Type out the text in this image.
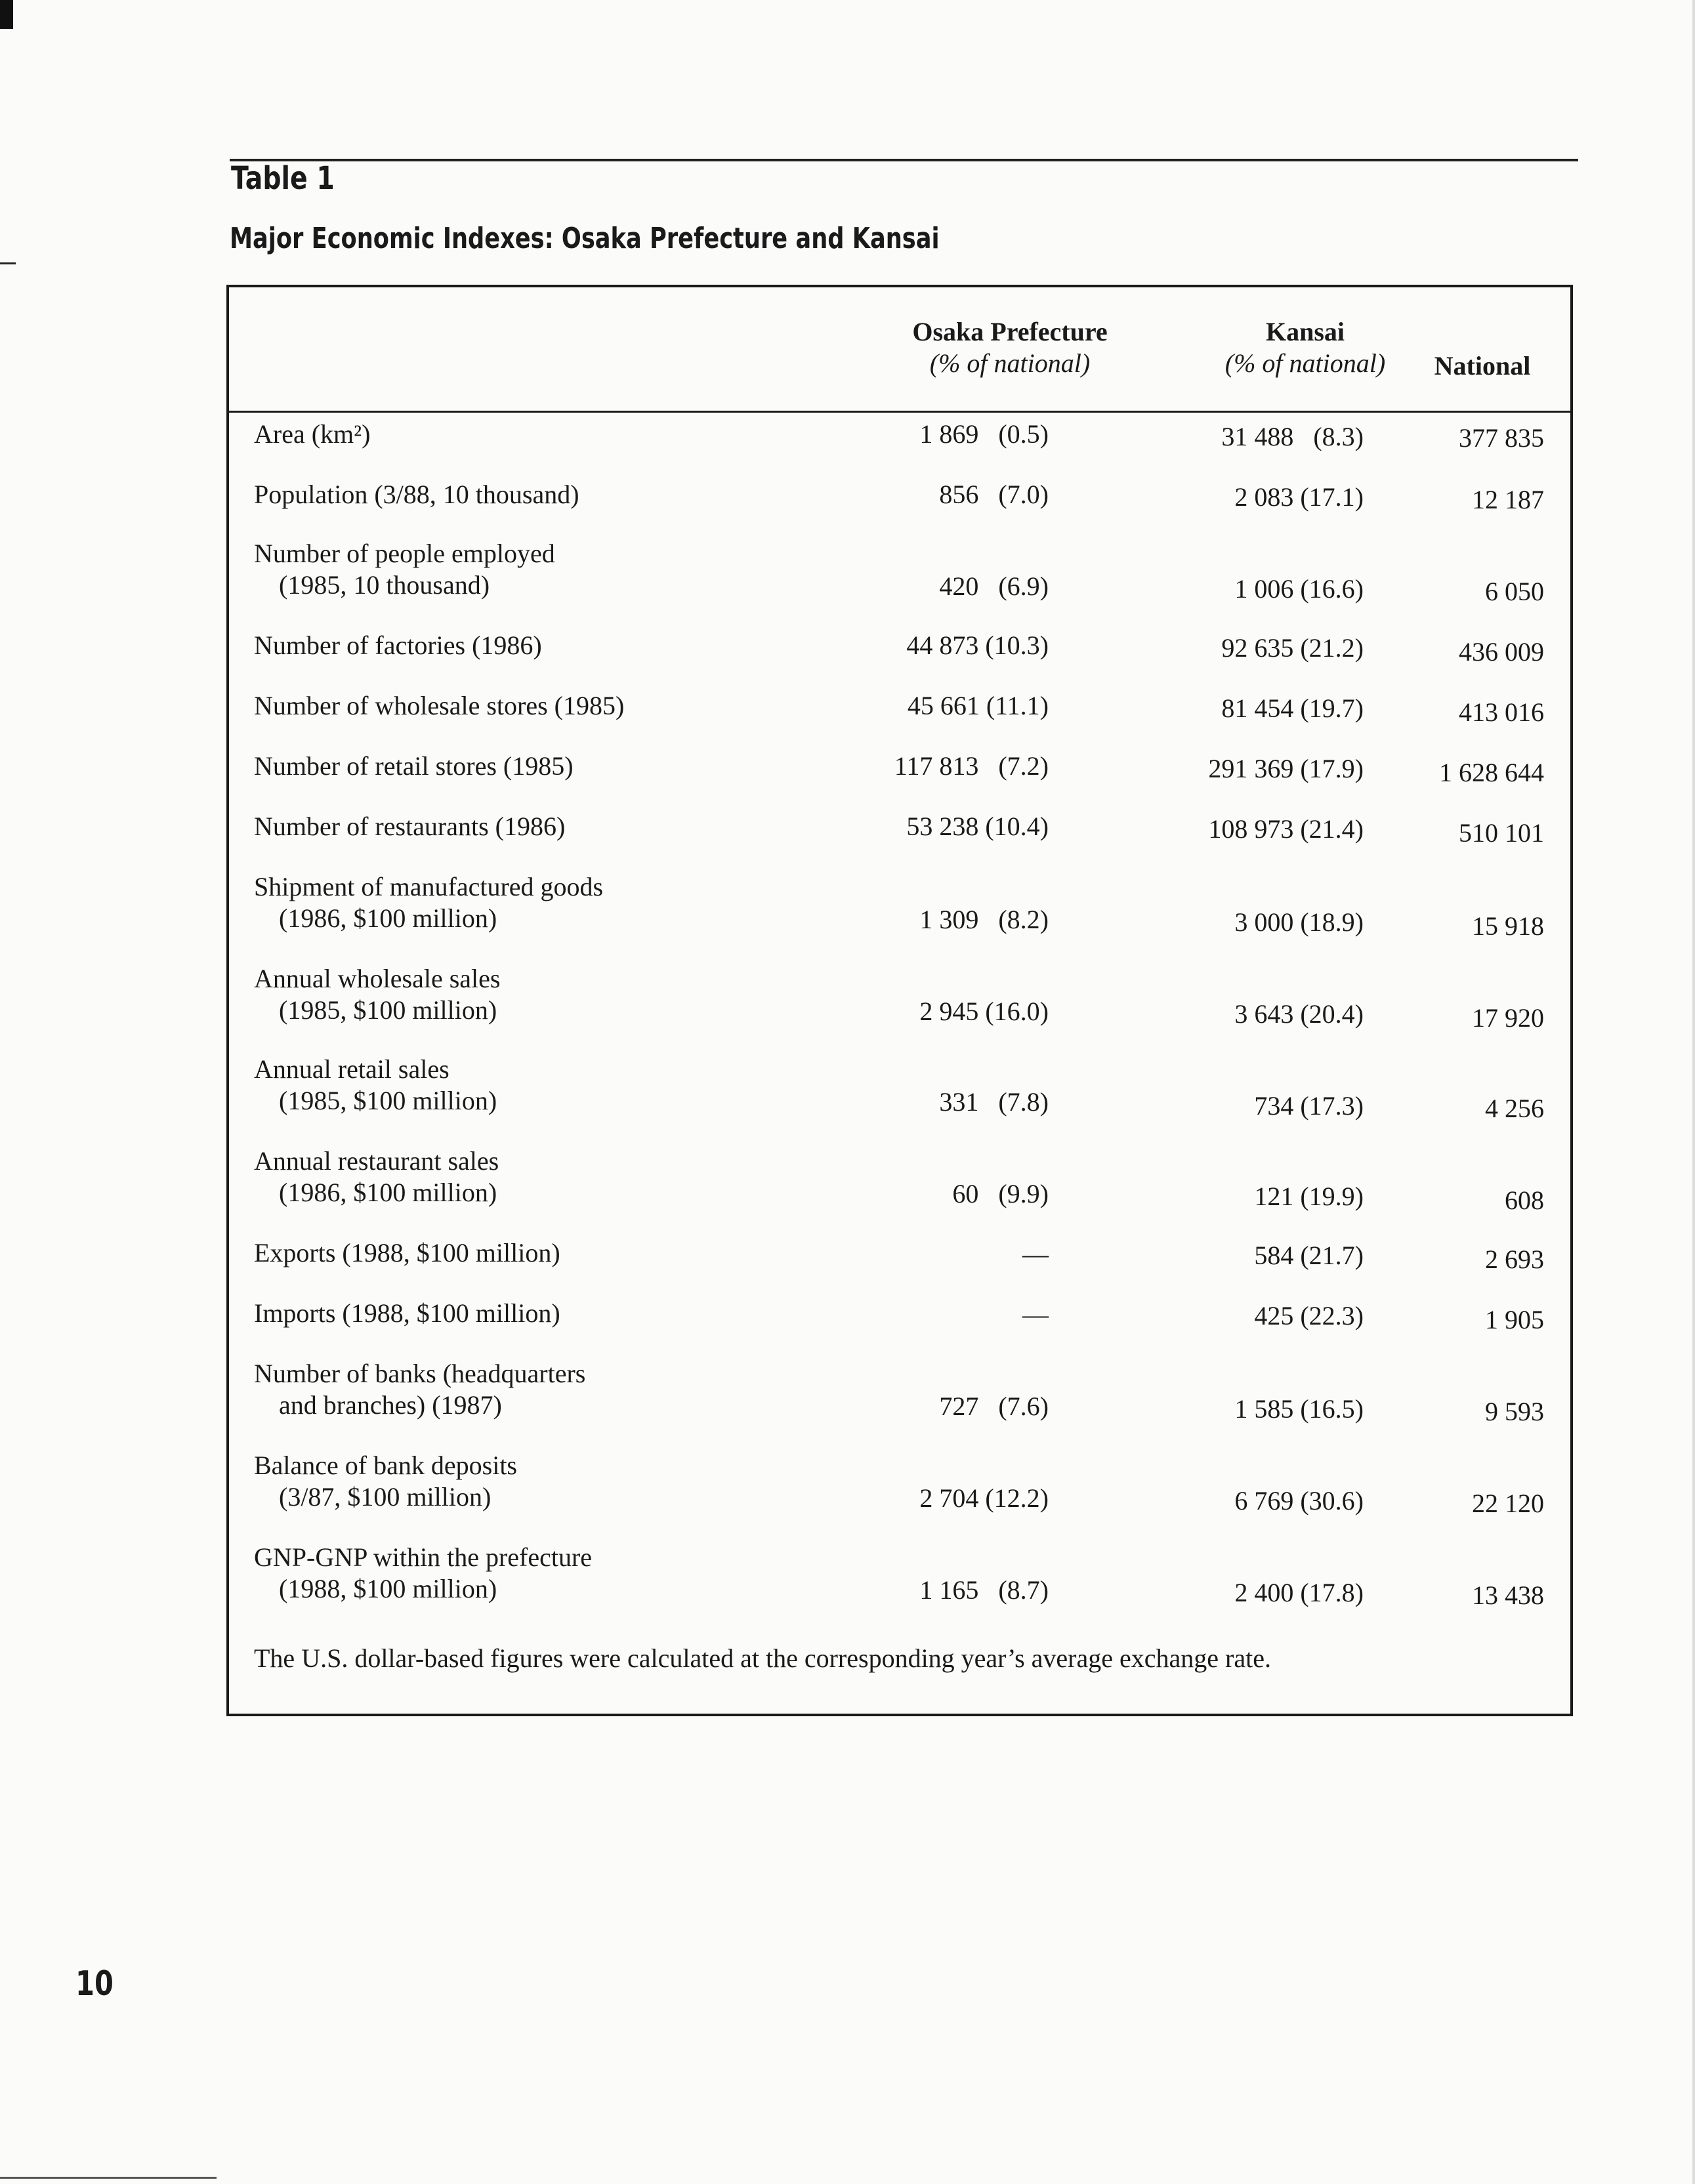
Table 1
Major Economic Indexes: Osaka Prefecture and Kansai
Osaka Prefecture
(% of national)
Kansai
(% of national)	National
Area (km²)	1 869   (0.5)	31 488   (8.3)	377 835
Population (3/88, 10 thousand)	856   (7.0)	2 083 (17.1)	12 187
Number of people employed
(1985, 10 thousand)	420   (6.9)	1 006 (16.6)	6 050
Number of factories (1986)	44 873 (10.3)	92 635 (21.2)	436 009
Number of wholesale stores (1985)	45 661 (11.1)	81 454 (19.7)	413 016
Number of retail stores (1985)	117 813   (7.2)	291 369 (17.9)	1 628 644
Number of restaurants (1986)	53 238 (10.4)	108 973 (21.4)	510 101
Shipment of manufactured goods
(1986, $100 million)	1 309   (8.2)	3 000 (18.9)	15 918
Annual wholesale sales
(1985, $100 million)	2 945 (16.0)	3 643 (20.4)	17 920
Annual retail sales
(1985, $100 million)	331   (7.8)	734 (17.3)	4 256
Annual restaurant sales
(1986, $100 million)	60   (9.9)	121 (19.9)	608
Exports (1988, $100 million)	—	584 (21.7)	2 693
Imports (1988, $100 million)	—	425 (22.3)	1 905
Number of banks (headquarters
and branches) (1987)	727   (7.6)	1 585 (16.5)	9 593
Balance of bank deposits
(3/87, $100 million)	2 704 (12.2)	6 769 (30.6)	22 120
GNP-GNP within the prefecture
(1988, $100 million)	1 165   (8.7)	2 400 (17.8)	13 438
The U.S. dollar-based figures were calculated at the corresponding year’s average exchange rate.
10
